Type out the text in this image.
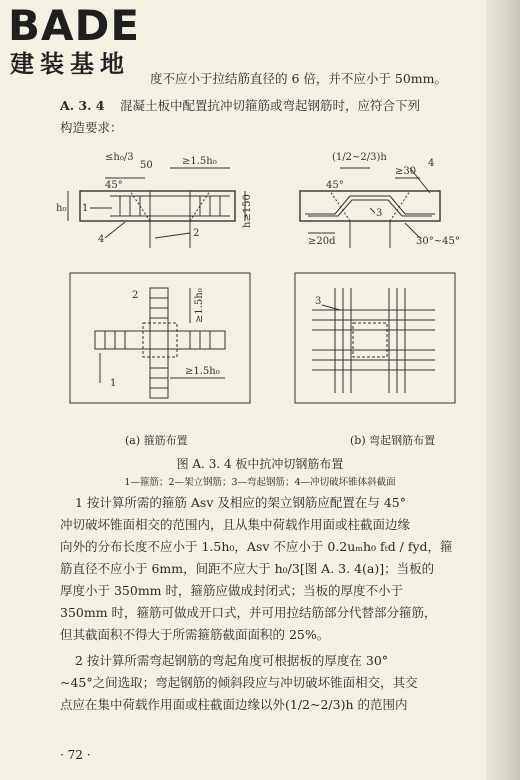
BADE
建装基地
度不应小于拉结筋直径的 6 倍，并不应小于 50mm。
A. 3. 4 混凝土板中配置抗冲切箍筋或弯起钢筋时，应符合下列
构造要求：
≤h₀/3
50	≥1.5h₀
45°
h₀	h≥150
1
2
4
2
1
≥1.5h₀
≥1.5h₀
(1/2~2/3)h
≥30
45°
3
4
≥20d	30°~45°
3
(a) 箍筋布置	(b) 弯起钢筋布置
图 A. 3. 4 板中抗冲切钢筋布置
1—箍筋；2—架立钢筋；3—弯起钢筋；4—冲切破坏锥体斜截面
1 按计算所需的箍筋 Asv 及相应的架立钢筋应配置在与 45°
冲切破坏锥面相交的范围内，且从集中荷载作用面或柱截面边缘
向外的分布长度不应小于 1.5h₀，Asv 不应小于 0.2uₘh₀ fₜd / fyd，箍
筋直径不应小于 6mm，间距不应大于 h₀/3[图 A. 3. 4(a)]；当板的
厚度小于 350mm 时，箍筋应做成封闭式；当板的厚度不小于
350mm 时，箍筋可做成开口式，并可用拉结筋部分代替部分箍筋，
但其截面积不得大于所需箍筋截面面积的 25%。
2 按计算所需弯起钢筋的弯起角度可根据板的厚度在 30°
~45°之间选取；弯起钢筋的倾斜段应与冲切破坏锥面相交，其交
点应在集中荷载作用面或柱截面边缘以外(1/2~2/3)h 的范围内
· 72 ·
